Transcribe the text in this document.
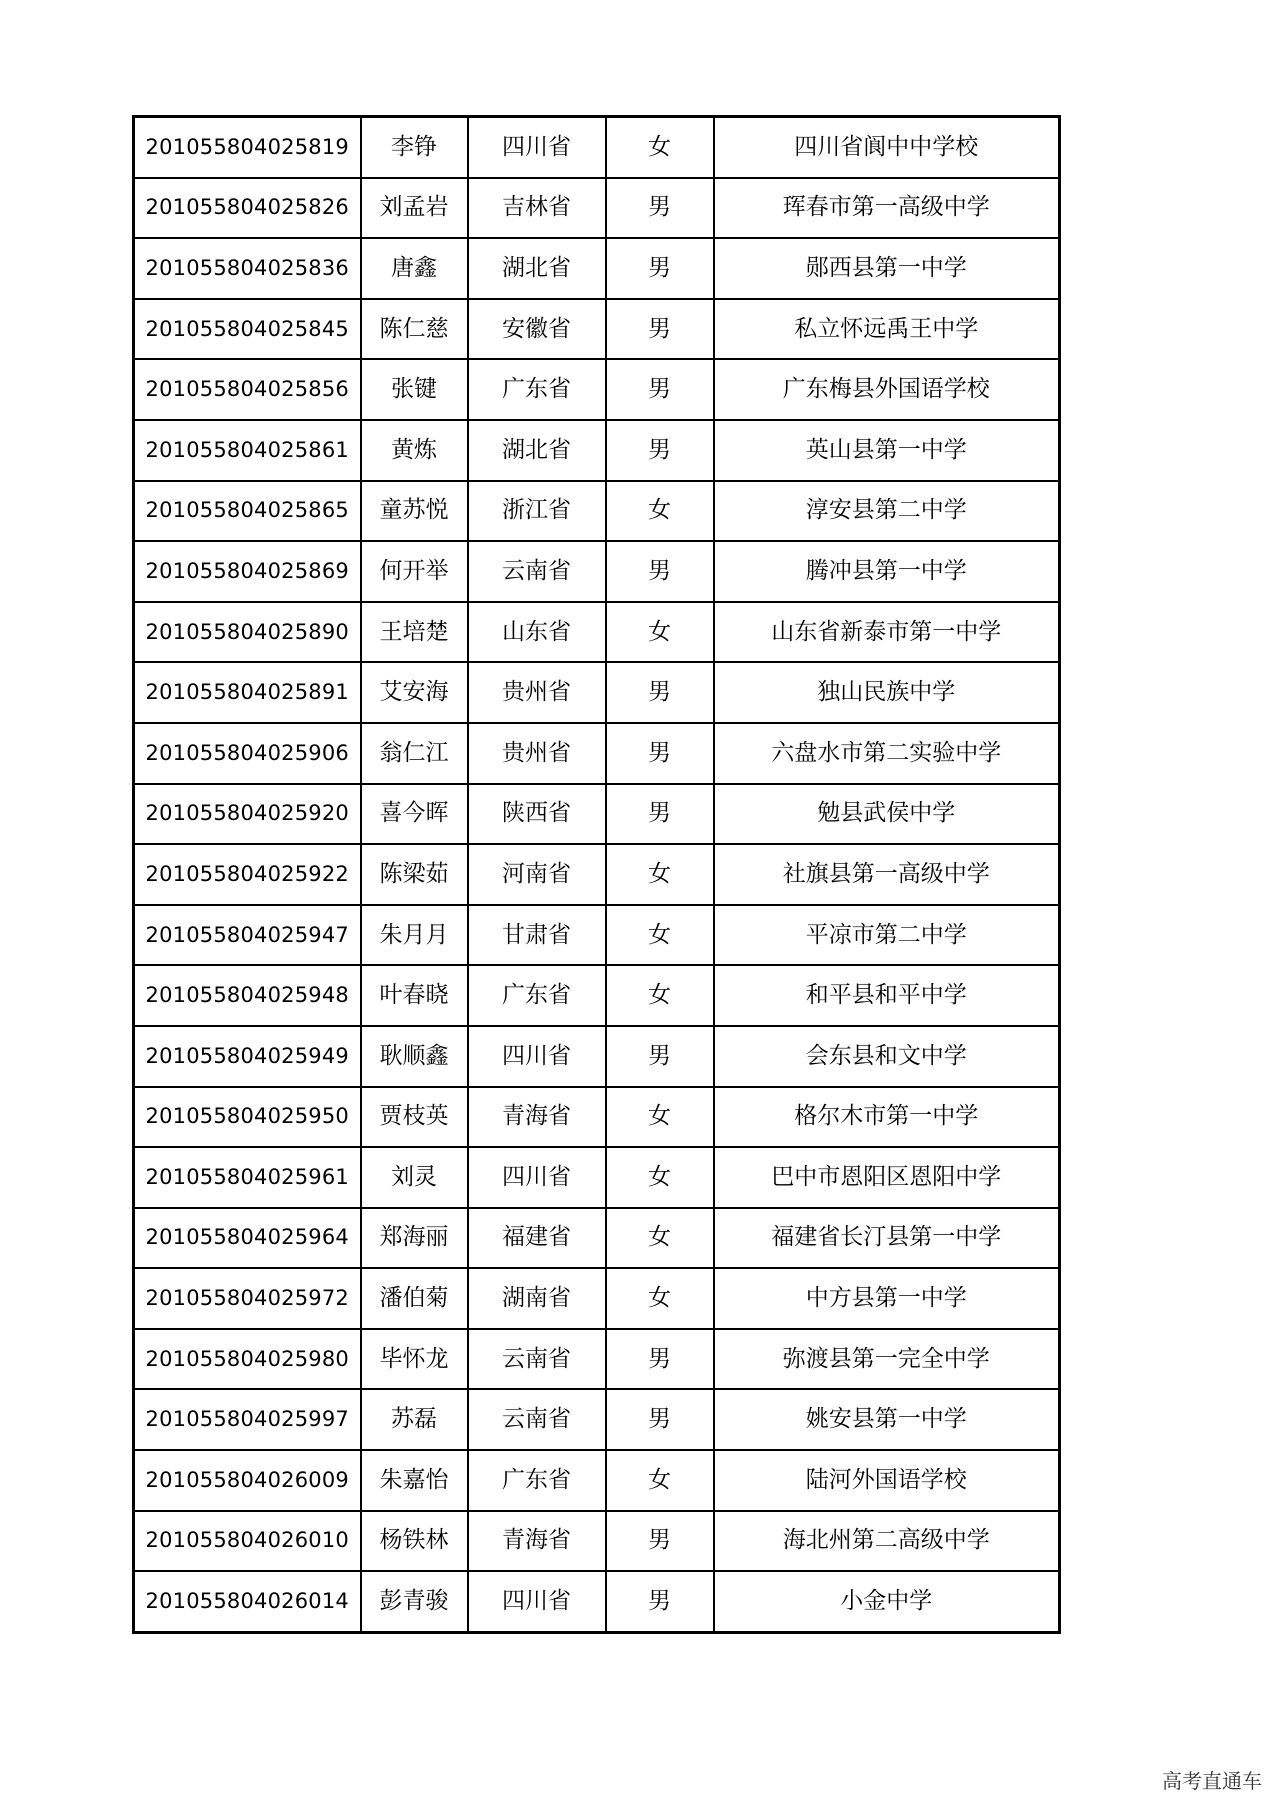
201055804025819	李铮	四川省	女	四川省阆中中学校
201055804025826	刘孟岩	吉林省	男	珲春市第一高级中学
201055804025836	唐鑫	湖北省	男	郧西县第一中学
201055804025845	陈仁慈	安徽省	男	私立怀远禹王中学
201055804025856	张键	广东省	男	广东梅县外国语学校
201055804025861	黄炼	湖北省	男	英山县第一中学
201055804025865	童苏悦	浙江省	女	淳安县第二中学
201055804025869	何开举	云南省	男	腾冲县第一中学
201055804025890	王培楚	山东省	女	山东省新泰市第一中学
201055804025891	艾安海	贵州省	男	独山民族中学
201055804025906	翁仁江	贵州省	男	六盘水市第二实验中学
201055804025920	喜今晖	陕西省	男	勉县武侯中学
201055804025922	陈梁茹	河南省	女	社旗县第一高级中学
201055804025947	朱月月	甘肃省	女	平凉市第二中学
201055804025948	叶春晓	广东省	女	和平县和平中学
201055804025949	耿顺鑫	四川省	男	会东县和文中学
201055804025950	贾枝英	青海省	女	格尔木市第一中学
201055804025961	刘灵	四川省	女	巴中市恩阳区恩阳中学
201055804025964	郑海丽	福建省	女	福建省长汀县第一中学
201055804025972	潘伯菊	湖南省	女	中方县第一中学
201055804025980	毕怀龙	云南省	男	弥渡县第一完全中学
201055804025997	苏磊	云南省	男	姚安县第一中学
201055804026009	朱嘉怡	广东省	女	陆河外国语学校
201055804026010	杨铁林	青海省	男	海北州第二高级中学
201055804026014	彭青骏	四川省	男	小金中学
高考直通车
